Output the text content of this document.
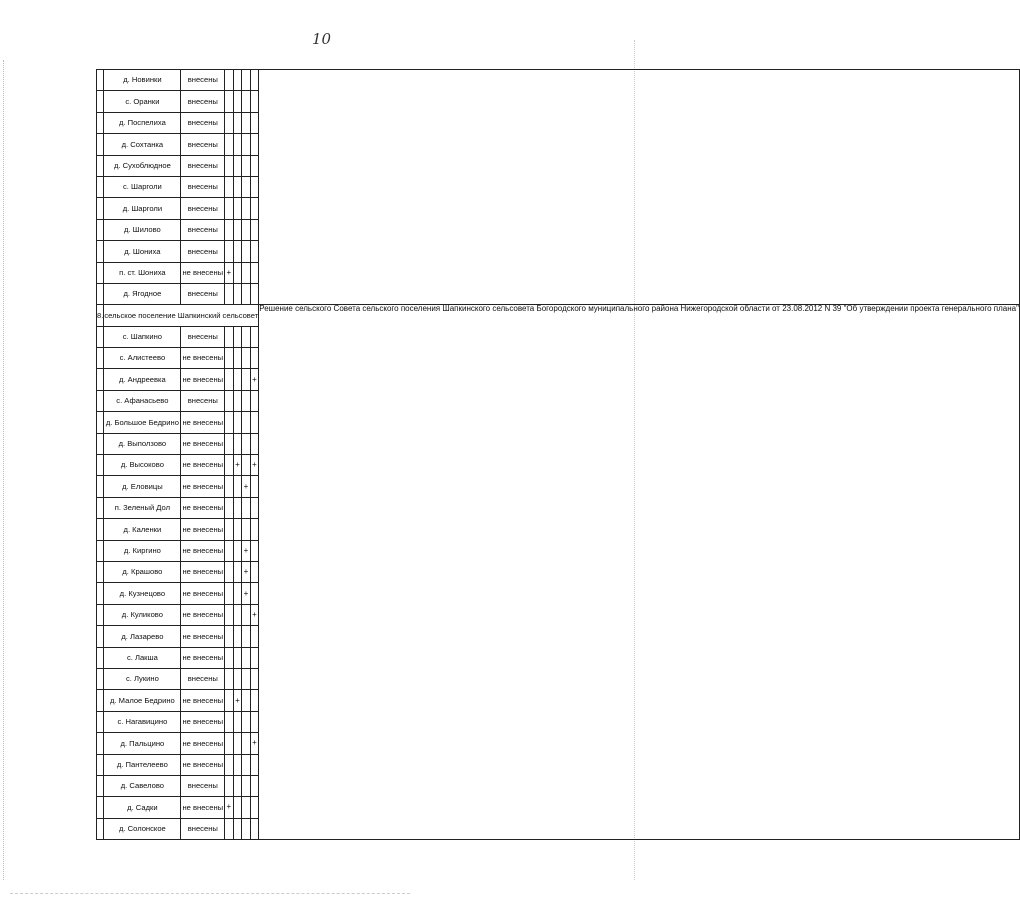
10
	д. Новинки	внесены					
	с. Оранки	внесены					
	д. Поспелиха	внесены					
	д. Сохтанка	внесены					
	д. Сухоблюдное	внесены					
	с. Шарголи	внесены					
	д. Шарголи	внесены					
	д. Шилово	внесены					
	д. Шониха	внесены					
	п. ст. Шониха	не внесены	+				
	д. Ягодное	внесены					
8.	сельское поселение Шапкинский сельсовет						Решение сельского Совета сельского поселения Шапкинского сельсовета Богородского муниципального района Нижегородской области от 23.08.2012 N 39 "Об утверждении проекта генерального плана"
	с. Шапкино	внесены					
	с. Алистеево	не внесены					
	д. Андреевка	не внесены				+	
	с. Афанасьево	внесены					
	д. Большое Бедрино	не внесены					
	д. Выползово	не внесены					
	д. Высоково	не внесены		+		+	
	д. Еловицы	не внесены			+		
	п. Зеленый Дол	не внесены					
	д. Каленки	не внесены					
	д. Киргино	не внесены			+		
	д. Крашово	не внесены			+		
	д. Кузнецово	не внесены			+		
	д. Куликово	не внесены				+	
	д. Лазарево	не внесены					
	с. Лакша	не внесены					
	с. Лукино	внесены					
	д. Малое Бедрино	не внесены		+			
	с. Нагавицино	не внесены					
	д. Пальцино	не внесены				+	
	д. Пантелеево	не внесены					
	д. Савелово	внесены					
	д. Садки	не внесены	+				
	д. Солонское	внесены					
